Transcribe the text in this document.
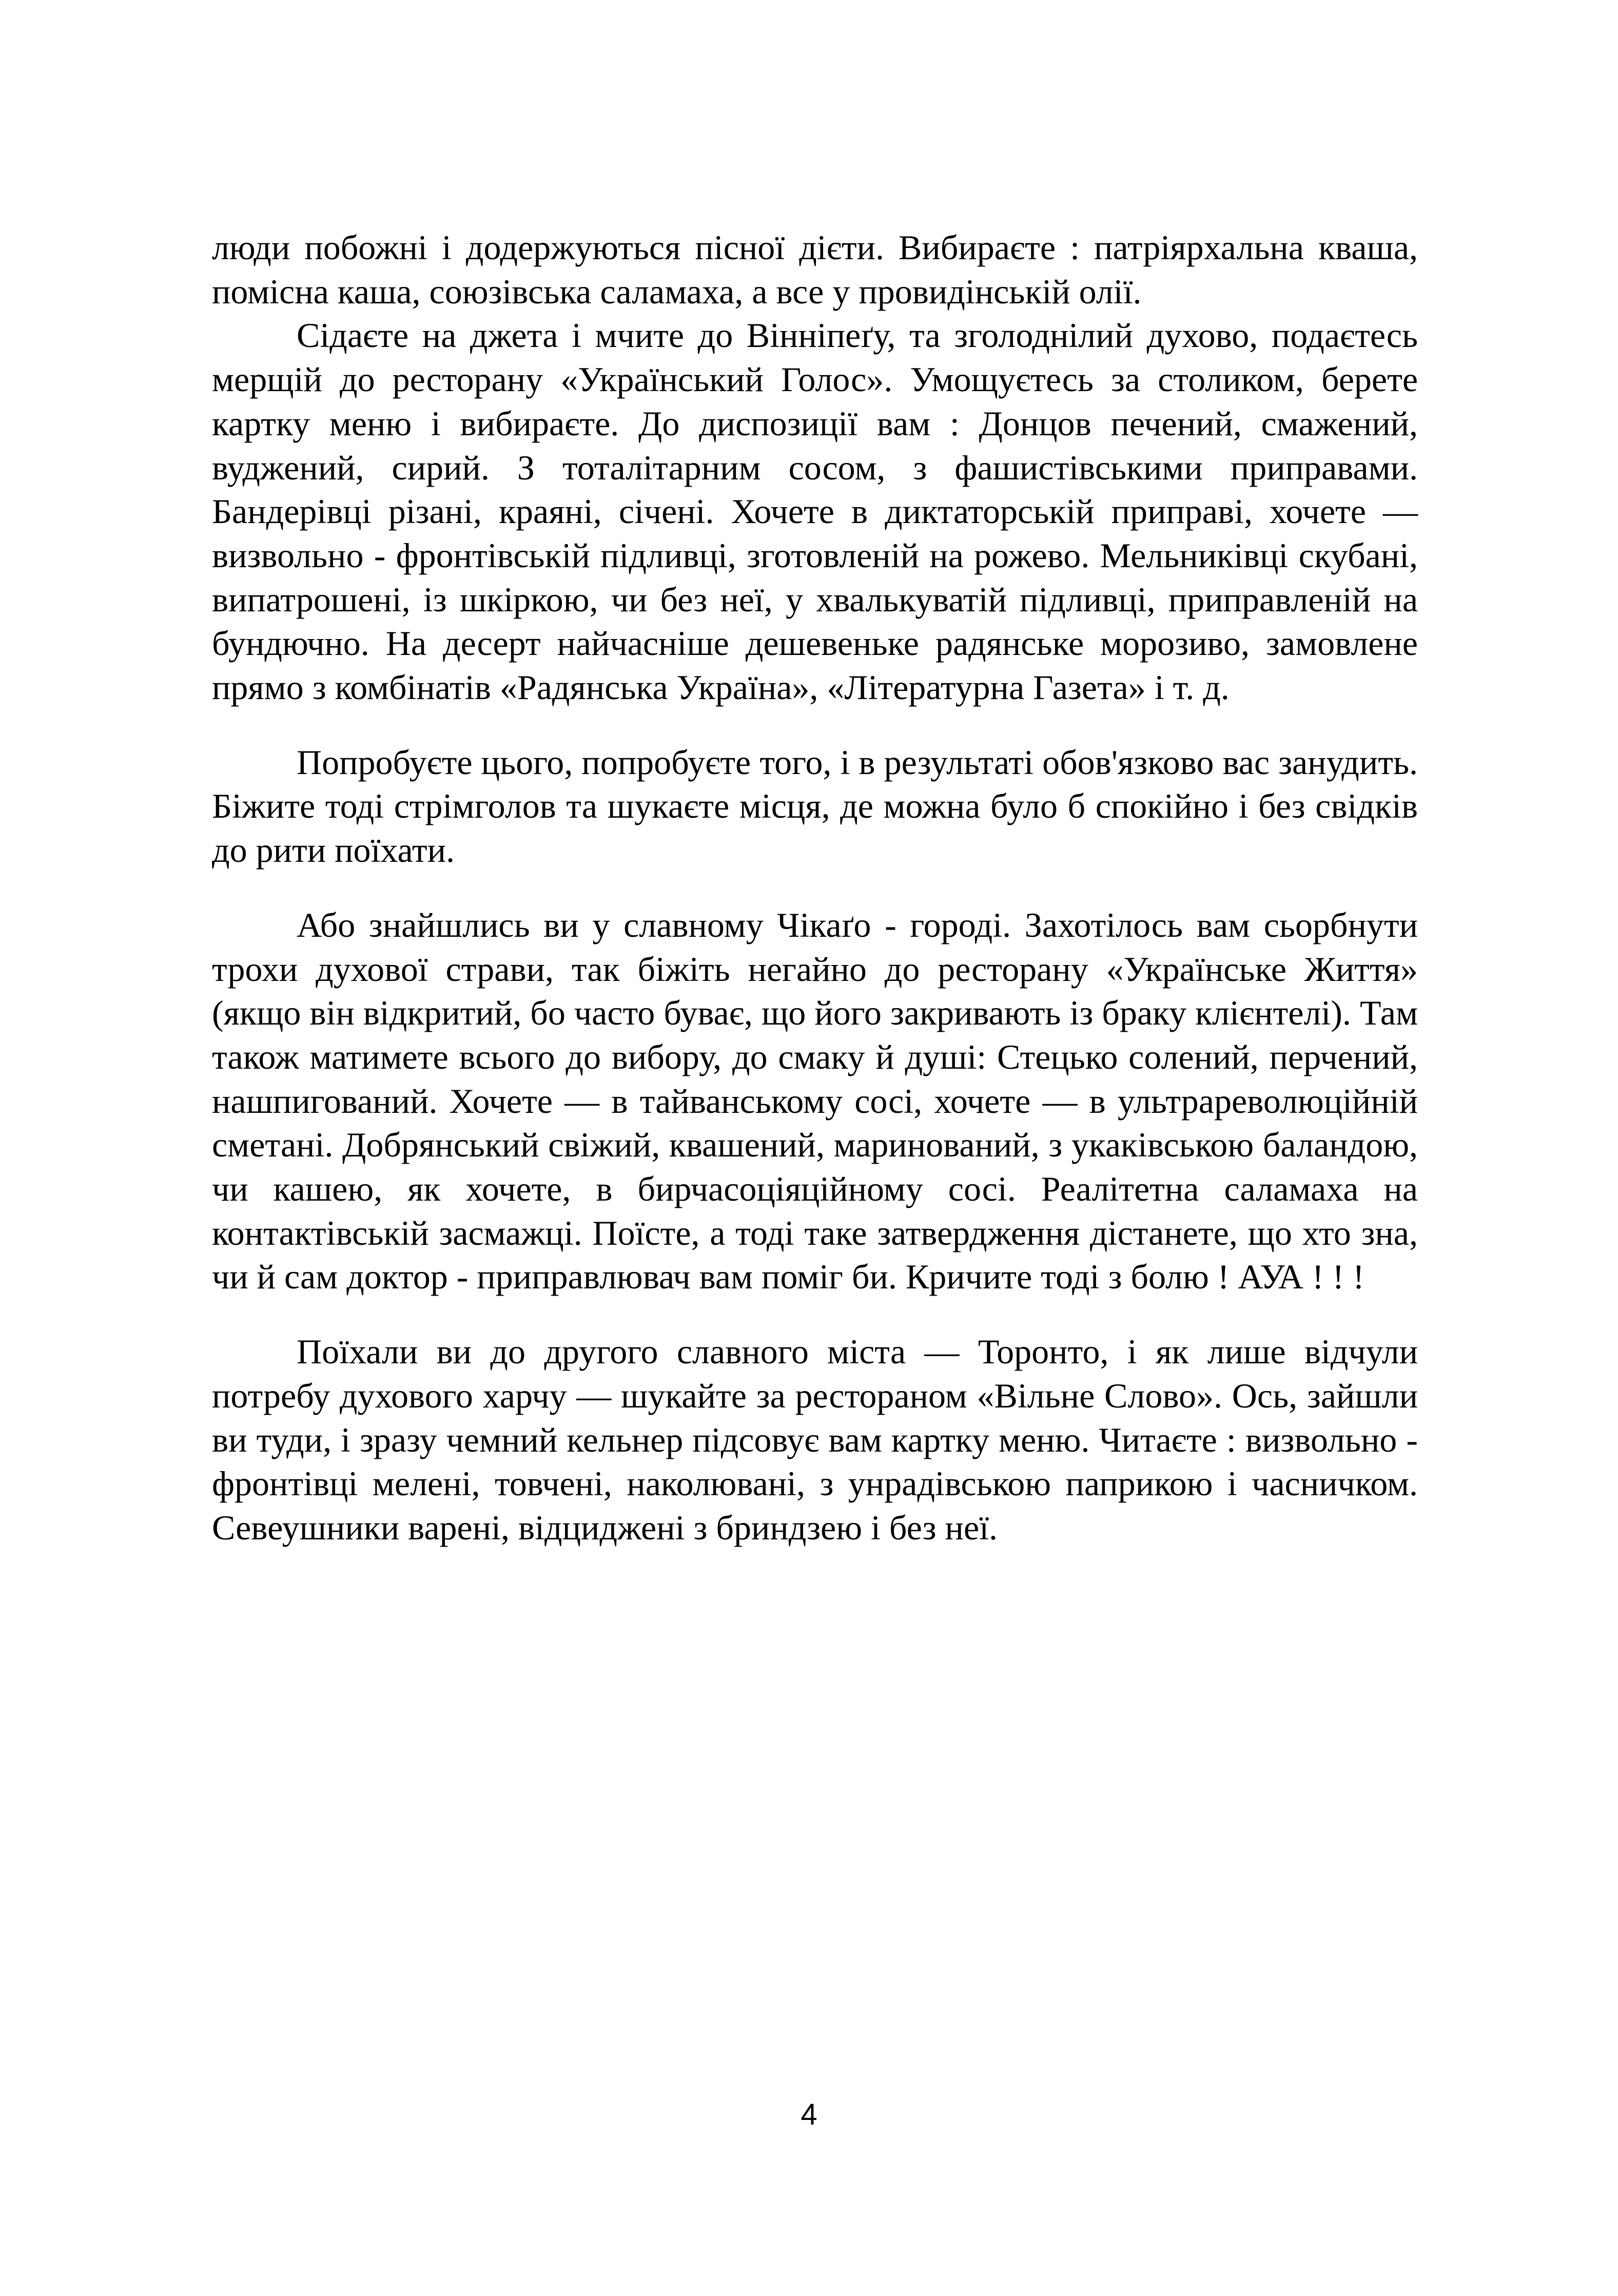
люди побожні і додержуються пісної дієти. Вибираєте : патріярхальна кваша, помісна каша, союзівська саламаха, а все у провидінській олії.

Сідаєте на джета і мчите до Вінніпеґу, та зголоднілий духово, подаєтесь мерщій до ресторану «Український Голос». Умощуєтесь за столиком, берете картку меню і вибираєте. До диспозиції вам : Донцов печений, смажений, вуджений, сирий. З тоталітарним сосом, з фашистівськими приправами. Бандерівці різані, краяні, січені. Хочете в диктаторській приправі, хочете — визвольно - фронтівській підливці, зготовленій на рожево. Мельниківці скубані, випатрошені, із шкіркою, чи без неї, у хвалькуватій підливці, приправленій на бундючно. На десерт найчасніше дешевеньке радянське морозиво, замовлене прямо з комбінатів «Радянська Україна», «Літературна Газета» і т. д.

Попробуєте цього, попробуєте того, і в результаті обов'язково вас занудить. Біжите тоді стрімголов та шукаєте місця, де можна було б спокійно і без свідків до рити поїхати.

Або знайшлись ви у славному Чікаґо - городі. Захотілось вам сьорбнути трохи духової страви, так біжіть негайно до ресторану «Українське Життя» (якщо він відкритий, бо часто буває, що його закривають із браку клієнтелі). Там також матимете всього до вибору, до смаку й душі: Стецько солений, перчений, нашпигований. Хочете — в тайванському сосі, хочете — в ультрареволюційній сметані. Добрянський свіжий, квашений, маринований, з укаківською баландою, чи кашею, як хочете, в бирчасоціяційному сосі. Реалітетна саламаха на контактівській засмажці. Поїсте, а тоді таке затвердження дістанете, що хто зна, чи й сам доктор - приправлювач вам поміг би. Кричите тоді з болю ! АУА ! ! !

Поїхали ви до другого славного міста — Торонто, і як лише відчули потребу духового харчу — шукайте за рестораном «Вільне Слово». Ось, зайшли ви туди, і зразу чемний кельнер підсовує вам картку меню. Читаєте : визвольно - фронтівці мелені, товчені, наколювані, з унрадівською паприкою і часничком. Севеушники варені, відциджені з бриндзею і без неї.

4
